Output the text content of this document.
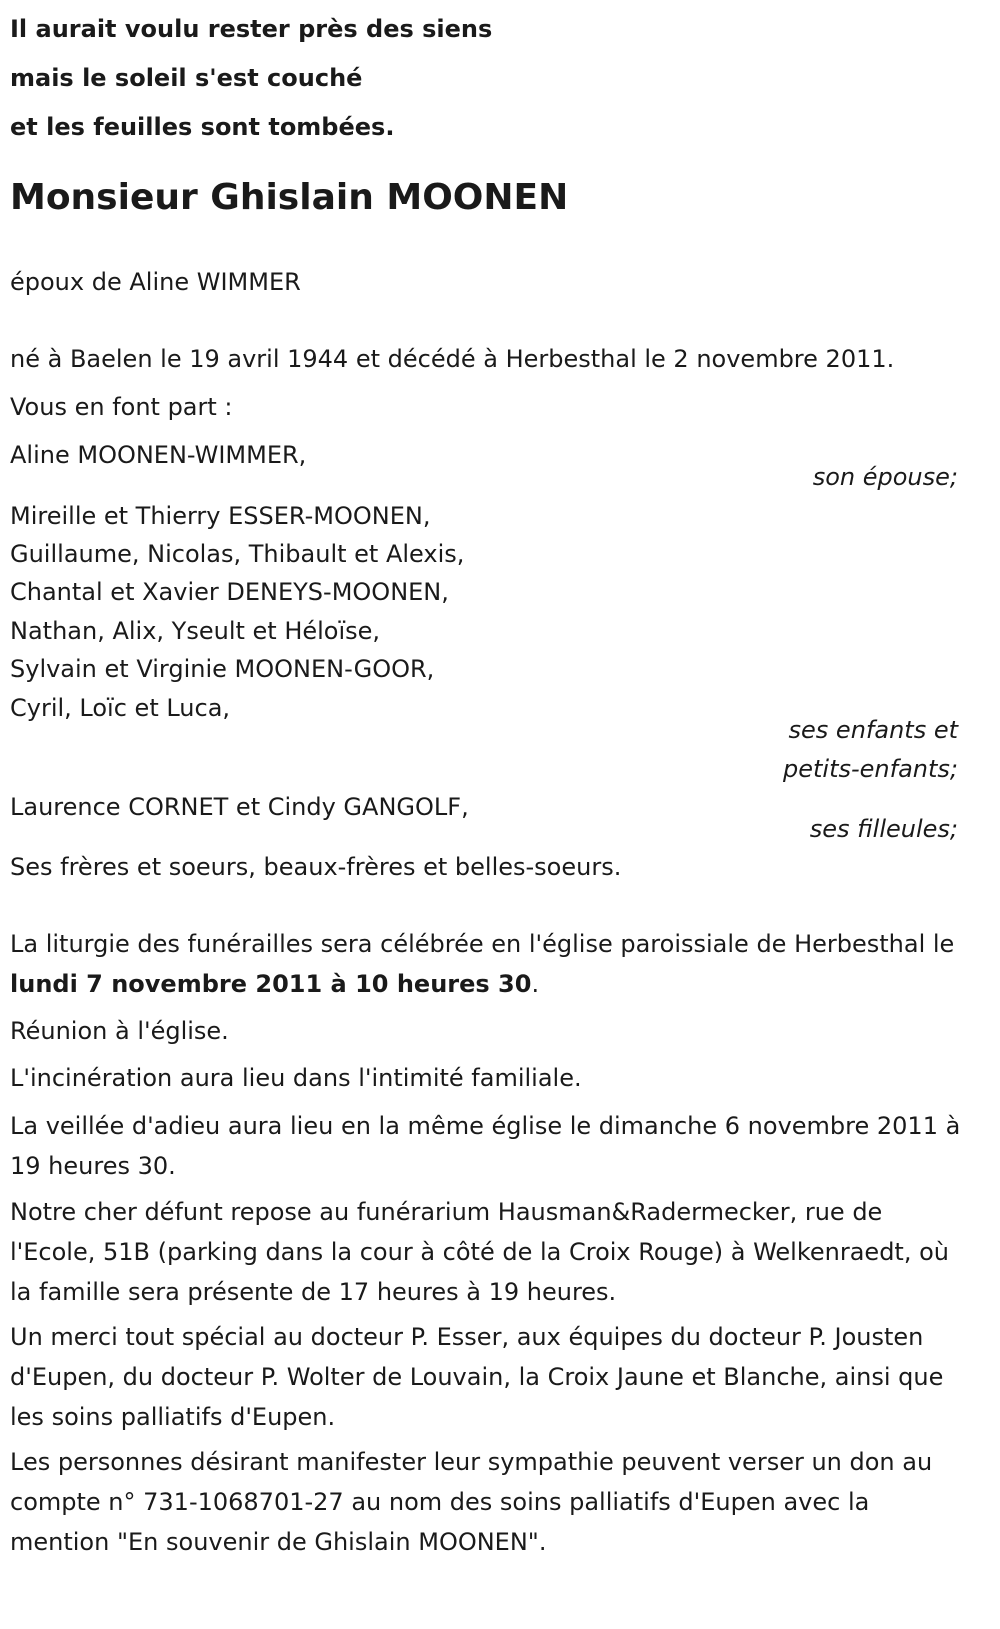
Il aurait voulu rester près des siens
mais le soleil s'est couché
et les feuilles sont tombées.
Monsieur Ghislain MOONEN
époux de Aline WIMMER
né à Baelen le 19 avril 1944 et décédé à Herbesthal le 2 novembre 2011.
Vous en font part :
Aline MOONEN-WIMMER,
son épouse;
Mireille et Thierry ESSER-MOONEN,
Guillaume, Nicolas, Thibault et Alexis,
Chantal et Xavier DENEYS-MOONEN,
Nathan, Alix, Yseult et Héloïse,
Sylvain et Virginie MOONEN-GOOR,
Cyril, Loïc et Luca,
ses enfants et
petits-enfants;
Laurence CORNET et Cindy GANGOLF,
ses filleules;
Ses frères et soeurs, beaux-frères et belles-soeurs.
La liturgie des funérailles sera célébrée en l'église paroissiale de Herbesthal le lundi 7 novembre 2011 à 10 heures 30.
Réunion à l'église.
L'incinération aura lieu dans l'intimité familiale.
La veillée d'adieu aura lieu en la même église le dimanche 6 novembre 2011 à 19 heures 30.
Notre cher défunt repose au funérarium Hausman&Radermecker, rue de l'Ecole, 51B (parking dans la cour à côté de la Croix Rouge) à Welkenraedt, où la famille sera présente de 17 heures à 19 heures.
Un merci tout spécial au docteur P. Esser, aux équipes du docteur P. Jousten d'Eupen, du docteur P. Wolter de Louvain, la Croix Jaune et Blanche, ainsi que les soins palliatifs d'Eupen.
Les personnes désirant manifester leur sympathie peuvent verser un don au compte n° 731-1068701-27 au nom des soins palliatifs d'Eupen avec la mention "En souvenir de Ghislain MOONEN".
